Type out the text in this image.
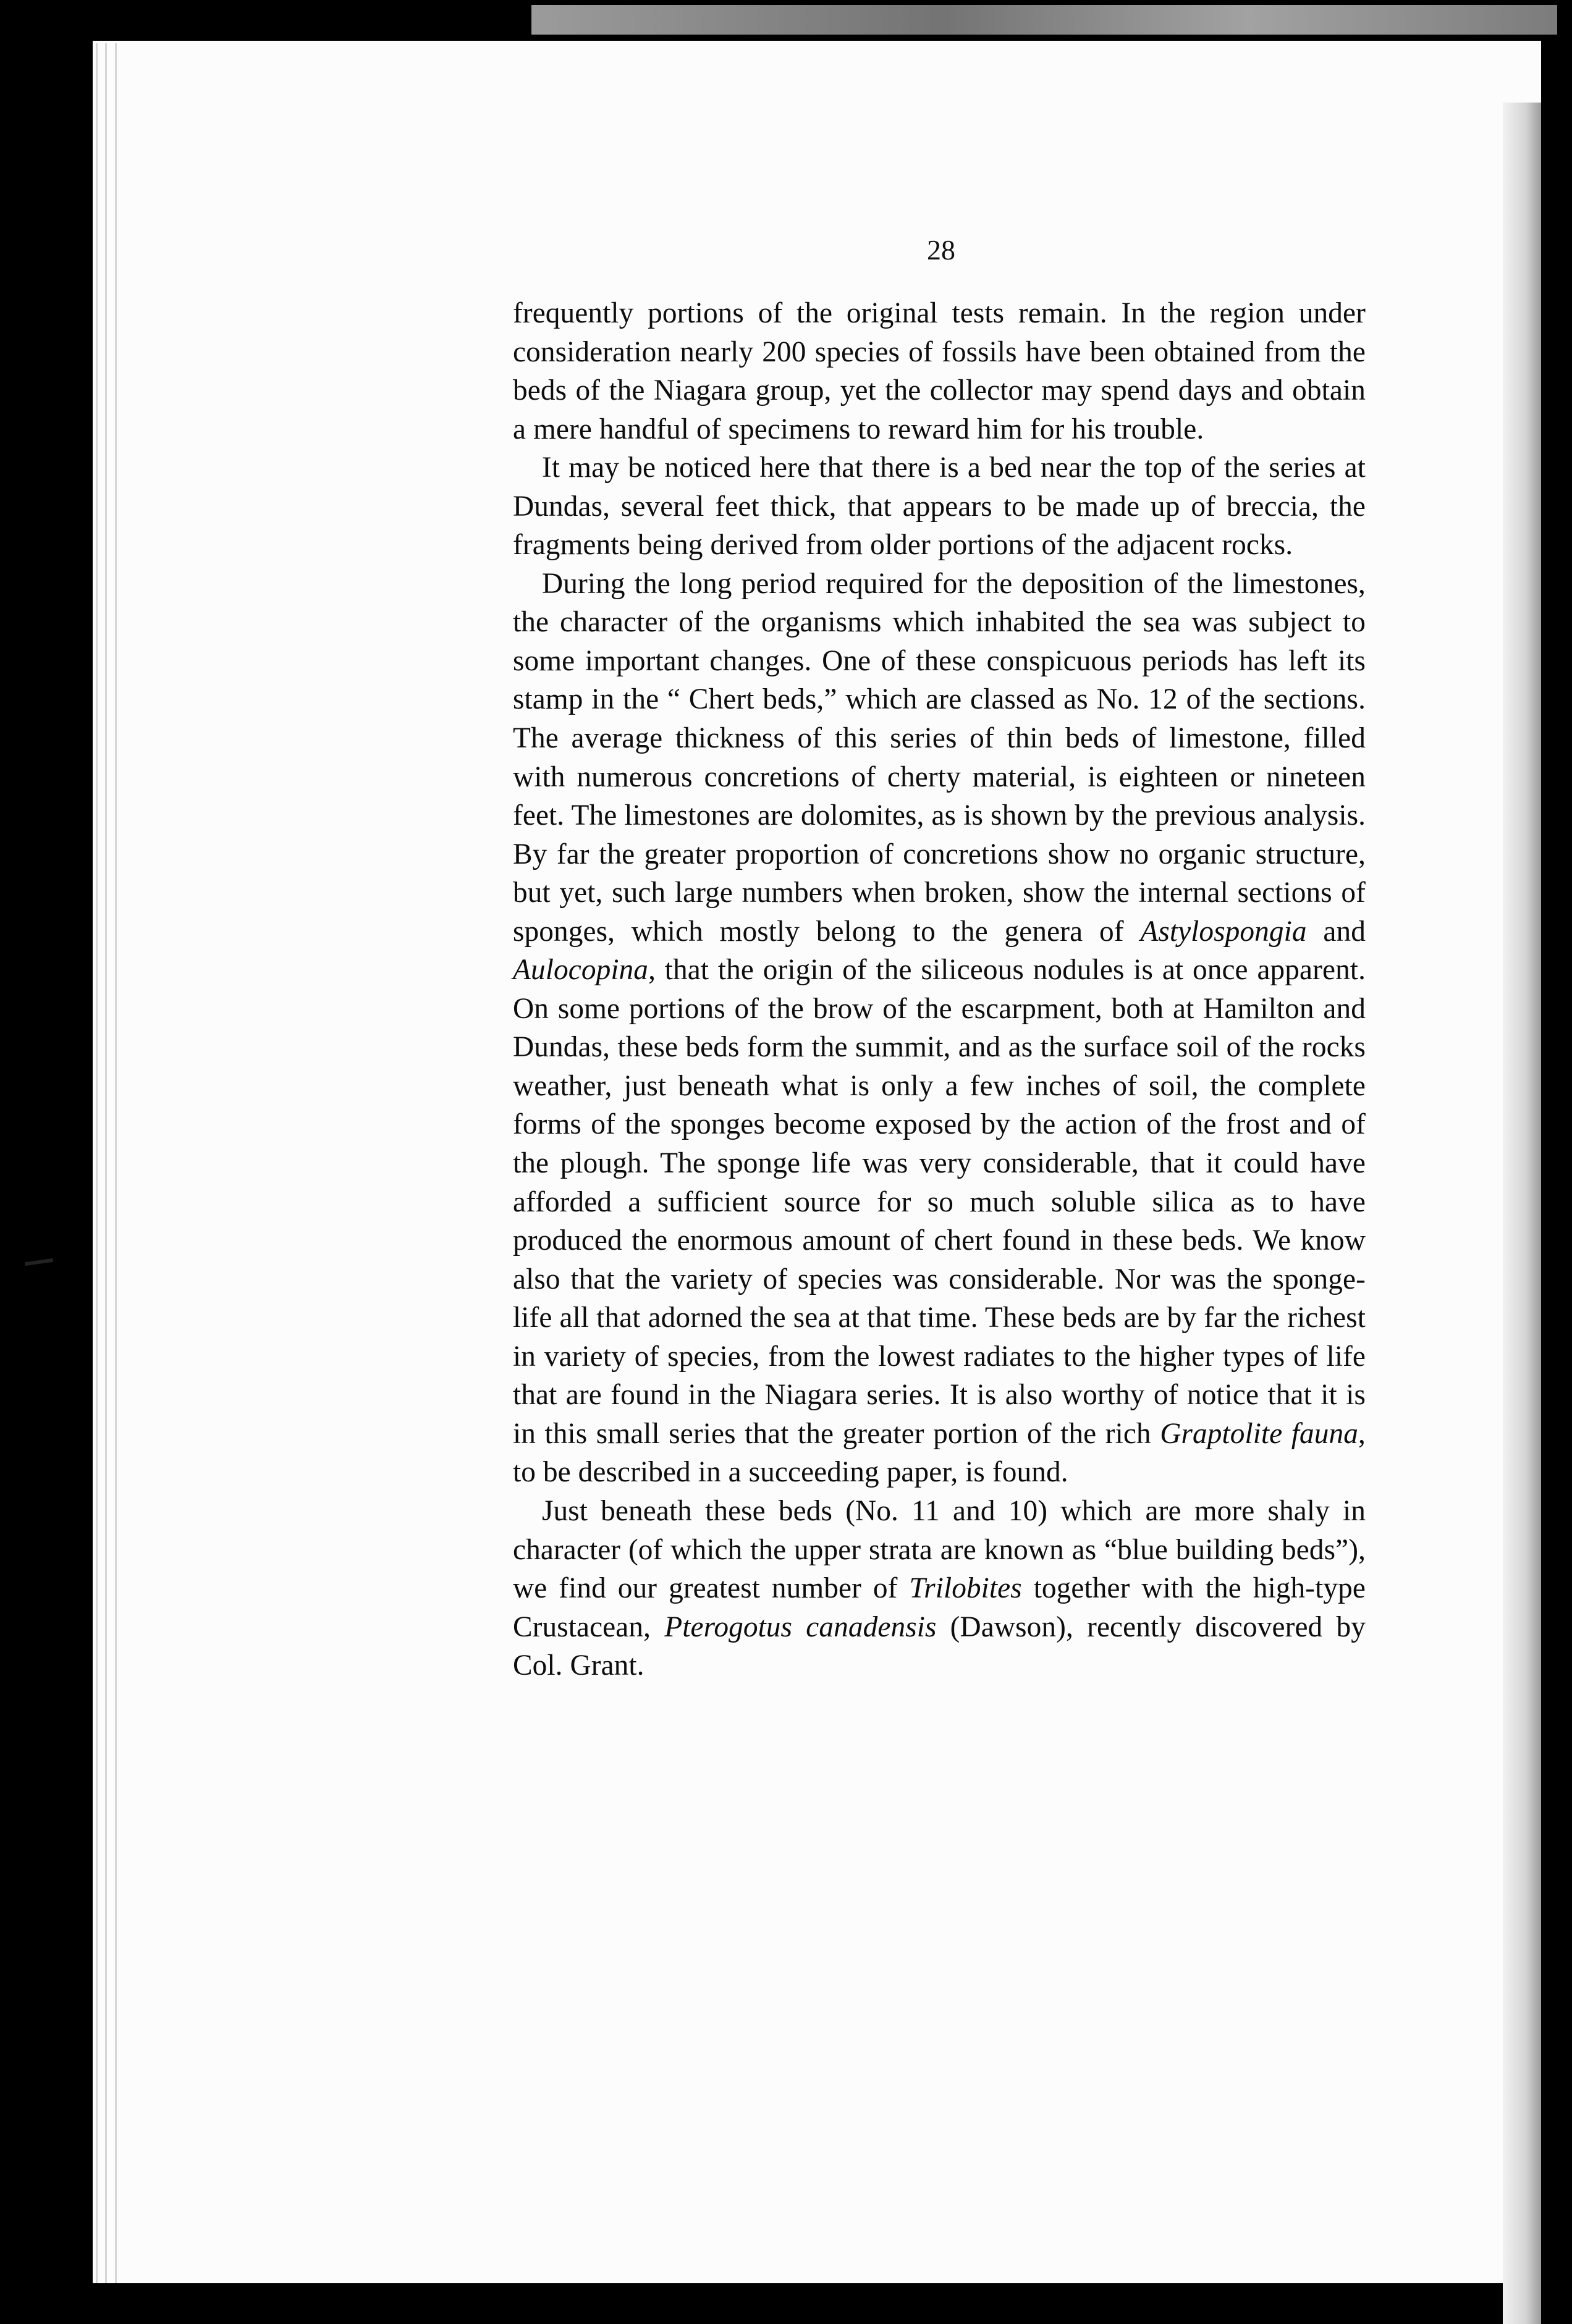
28

frequently portions of the original tests remain. In the region under consideration nearly 200 species of fossils have been obtained from the beds of the Niagara group, yet the collector may spend days and obtain a mere handful of specimens to reward him for his trouble.

It may be noticed here that there is a bed near the top of the series at Dundas, several feet thick, that appears to be made up of breccia, the fragments being derived from older portions of the adjacent rocks.

During the long period required for the deposition of the limestones, the character of the organisms which inhabited the sea was subject to some important changes. One of these conspicuous periods has left its stamp in the “ Chert beds,” which are classed as No. 12 of the sections. The average thickness of this series of thin beds of limestone, filled with numerous concretions of cherty material, is eighteen or nineteen feet. The limestones are dolomites, as is shown by the previous analysis. By far the greater proportion of concretions show no organic structure, but yet, such large numbers when broken, show the internal sections of sponges, which mostly belong to the genera of Astylospongia and Aulocopina, that the origin of the siliceous nodules is at once apparent. On some portions of the brow of the escarpment, both at Hamilton and Dundas, these beds form the summit, and as the surface soil of the rocks weather, just beneath what is only a few inches of soil, the complete forms of the sponges become exposed by the action of the frost and of the plough. The sponge life was very considerable, that it could have afforded a sufficient source for so much soluble silica as to have produced the enormous amount of chert found in these beds. We know also that the variety of species was considerable. Nor was the sponge-life all that adorned the sea at that time. These beds are by far the richest in variety of species, from the lowest radiates to the higher types of life that are found in the Niagara series. It is also worthy of notice that it is in this small series that the greater portion of the rich Graptolite fauna, to be described in a succeeding paper, is found.

Just beneath these beds (No. 11 and 10) which are more shaly in character (of which the upper strata are known as “blue building beds”), we find our greatest number of Trilobites together with the high-type Crustacean, Pterogotus canadensis (Dawson), recently discovered by Col. Grant.
